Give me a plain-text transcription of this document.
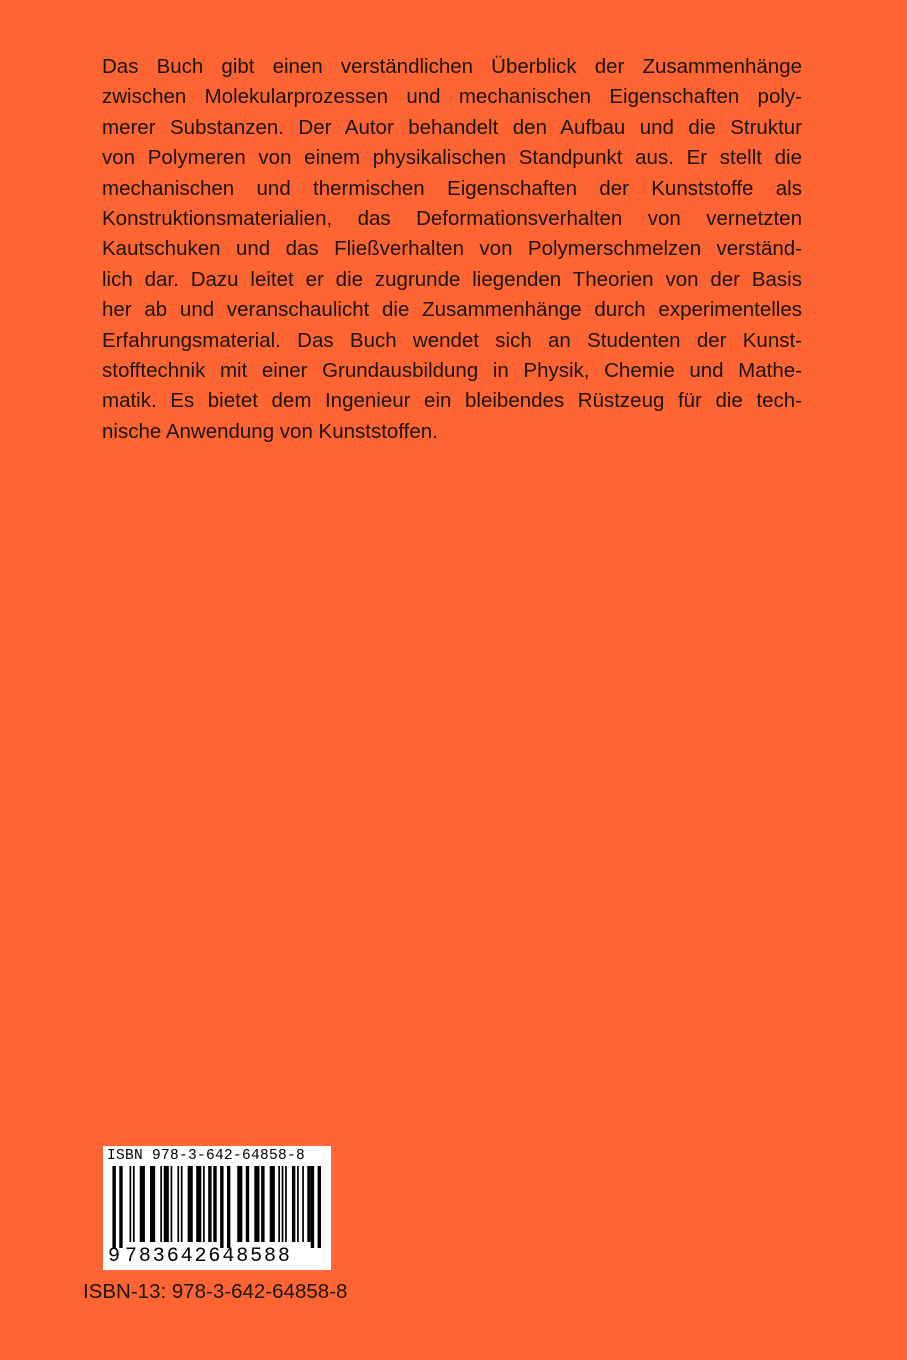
Das Buch gibt einen verständlichen Überblick der Zusammenhänge
zwischen Molekularprozessen und mechanischen Eigenschaften poly-
merer Substanzen. Der Autor behandelt den Aufbau und die Struktur
von Polymeren von einem physikalischen Standpunkt aus. Er stellt die
mechanischen und thermischen Eigenschaften der Kunststoffe als
Konstruktionsmaterialien, das Deformationsverhalten von vernetzten
Kautschuken und das Fließverhalten von Polymerschmelzen verständ-
lich dar. Dazu leitet er die zugrunde liegenden Theorien von der Basis
her ab und veranschaulicht die Zusammenhänge durch experimentelles
Erfahrungsmaterial. Das Buch wendet sich an Studenten der Kunst-
stofftechnik mit einer Grundausbildung in Physik, Chemie und Mathe-
matik. Es bietet dem Ingenieur ein bleibendes Rüstzeug für die tech-
nische Anwendung von Kunststoffen.

ISBN 978-3-642-64858-8
9 783642648588
ISBN-13: 978-3-642-64858-8
